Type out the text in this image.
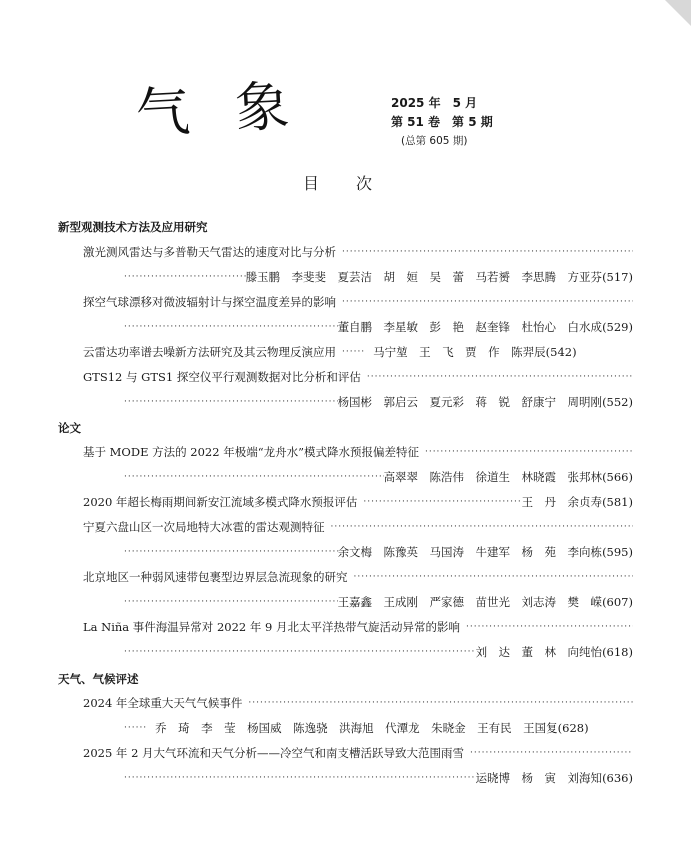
气 象	2025 年　5 月
第 51 卷　第 5 期
(总第 605 期)
目 次
新型观测技术方法及应用研究
激光测风雷达与多普勒天气雷达的速度对比与分析
·····
·····
滕玉鹏　李斐斐　夏芸洁　胡　姮　吴　蕾　马若赟　李思腾　方亚芬 (517)
探空气球漂移对微波辐射计与探空温度差异的影响
·····
·····
董自鹏　李星敏　彭　艳　赵奎锋　杜怡心　白水成 (529)
云雷达功率谱去噪新方法研究及其云物理反演应用 ······	马宁堃　王　飞　贾　作　陈羿辰 (542)
GTS12 与 GTS1 探空仪平行观测数据对比分析和评估
·····
·····
杨国彬　郭启云　夏元彩　蒋　锐　舒康宁　周明刚 (552)
论文
基于 MODE 方法的 2022 年极端“龙舟水”模式降水预报偏差特征
·····
·····
高翠翠　陈浩伟　徐道生　林晓霞　张邦林 (566)
2020 年超长梅雨期间新安江流域多模式降水预报评估 ·····	王　丹　余贞寿 (581)
宁夏六盘山区一次局地特大冰雹的雷达观测特征
·····
·····
余文梅　陈豫英　马国涛　牛建军　杨　苑　李向栋 (595)
北京地区一种弱风速带包裹型边界层急流现象的研究
·····
·····
王嘉鑫　王成刚　严家德　苗世光　刘志涛　樊　嵘 (607)
La Niña 事件海温异常对 2022 年 9 月北太平洋热带气旋活动异常的影响
·····
·····
刘　达　董　林　向纯怡 (618)
天气、气候评述
2024 年全球重大天气气候事件
·····
······
乔　琦　李　莹　杨国威　陈逸骁　洪海旭　代潭龙　朱晓金　王有民　王国复 (628)
2025 年 2 月大气环流和天气分析——冷空气和南支槽活跃导致大范围雨雪
·····
·····
运晓博　杨　寅　刘海知 (636)
